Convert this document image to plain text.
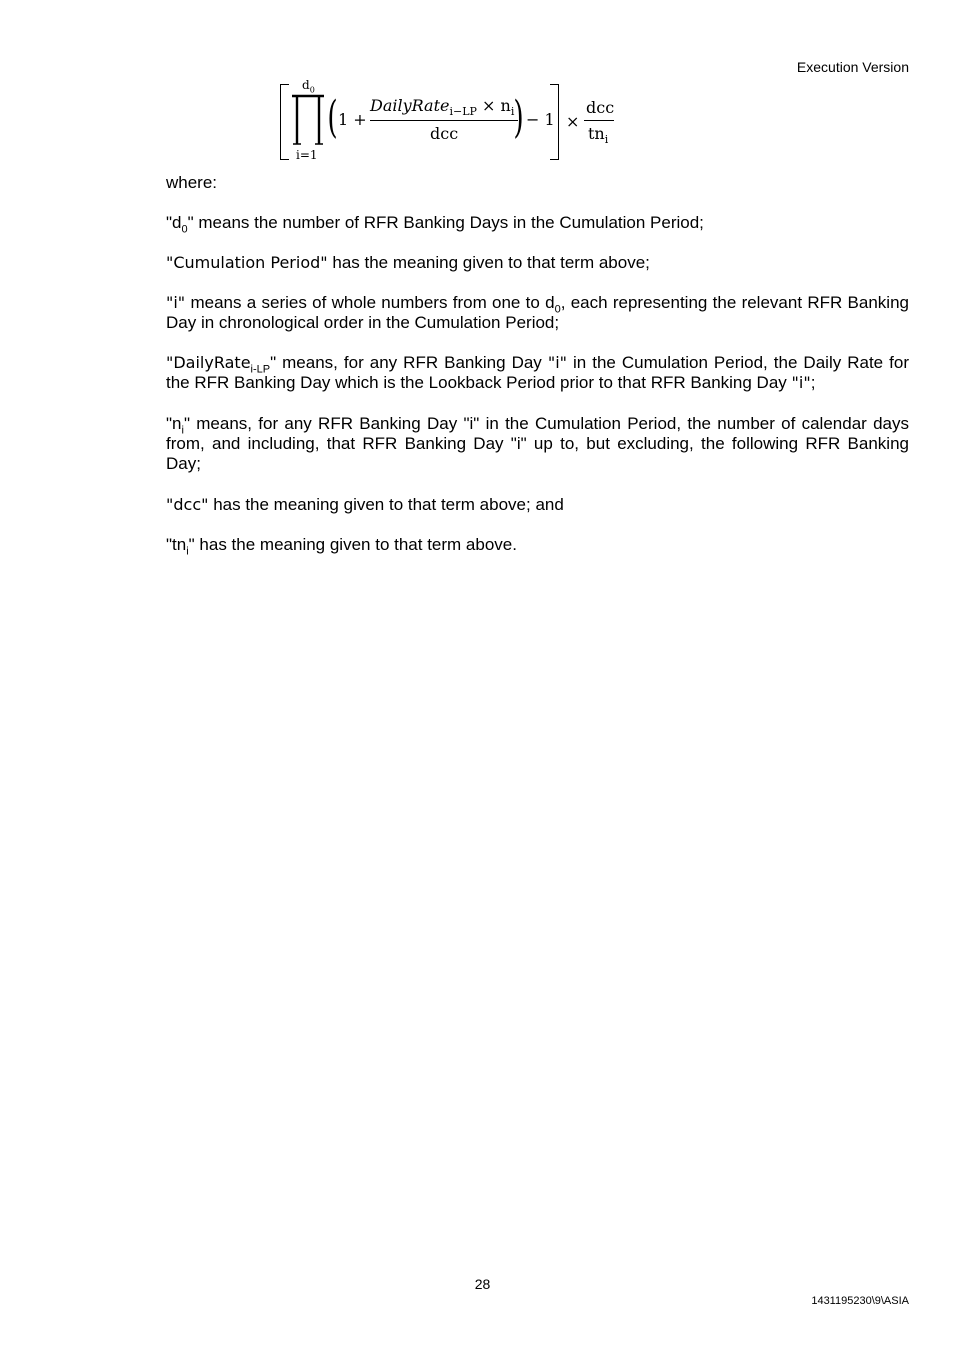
Execution Version
$d_0$
i=1
( 1 +
DailyRate$_{i-LP}$ × $n_i$
dcc ) − 1 ×
dcc
$tn_i$
where:
"$d_0$" means the number of RFR Banking Days in the Cumulation Period;
"Cumulation Period" has the meaning given to that term above;
"i" means a series of whole numbers from one to $d_0$, each representing the relevant RFR Banking Day in chronological order in the Cumulation Period;
"DailyRate$_{i-LP}$" means, for any RFR Banking Day "i" in the Cumulation Period, the Daily Rate for the RFR Banking Day which is the Lookback Period prior to that RFR Banking Day "i";
"$n_i$" means, for any RFR Banking Day "i" in the Cumulation Period, the number of calendar days from, and including, that RFR Banking Day "i" up to, but excluding, the following RFR Banking Day;
"dcc" has the meaning given to that term above; and
"$tn_i$" has the meaning given to that term above.
28
1431195230\9\ASIA
